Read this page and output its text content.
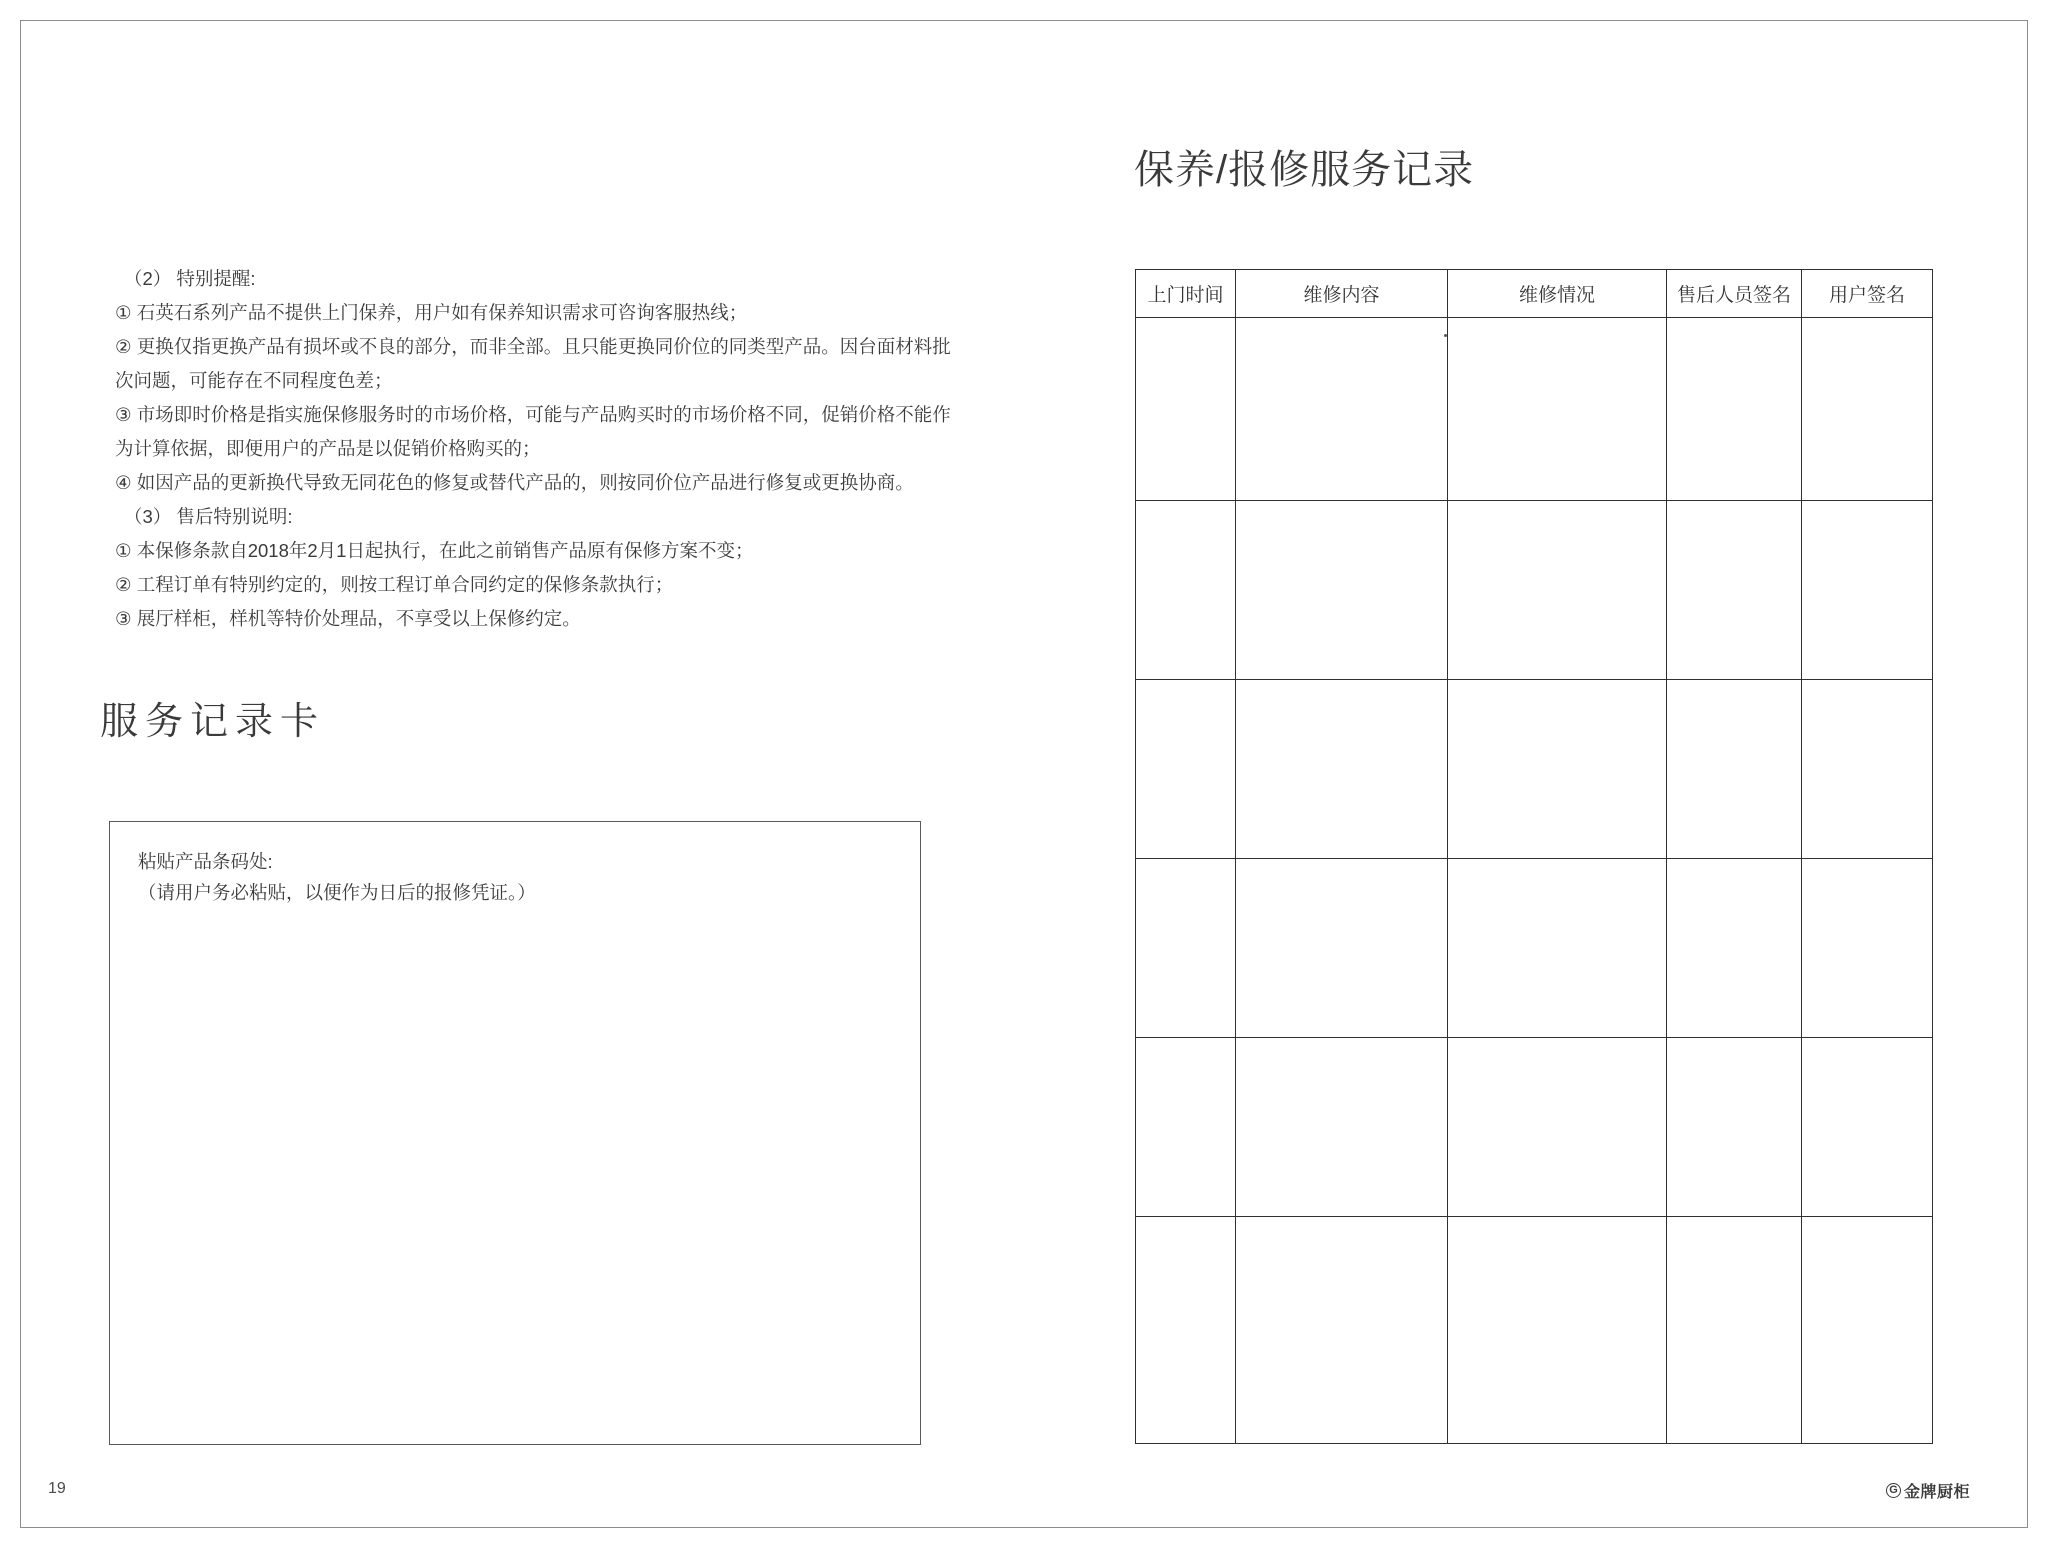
（2） 特别提醒:
① 石英石系列产品不提供上门保养，用户如有保养知识需求可咨询客服热线；
② 更换仅指更换产品有损坏或不良的部分，而非全部。且只能更换同价位的同类型产品。因台面材料批
次问题，可能存在不同程度色差；
③ 市场即时价格是指实施保修服务时的市场价格，可能与产品购买时的市场价格不同，促销价格不能作
为计算依据，即便用户的产品是以促销价格购买的；
④ 如因产品的更新换代导致无同花色的修复或替代产品的，则按同价位产品进行修复或更换协商。
（3） 售后特别说明:
① 本保修条款自2018年2月1日起执行，在此之前销售产品原有保修方案不变；
② 工程订单有特别约定的，则按工程订单合同约定的保修条款执行；
③ 展厅样柜，样机等特价处理品，不享受以上保修约定。
服务记录卡
粘贴产品条码处:
（请用户务必粘贴，以便作为日后的报修凭证。）
19
保养/报修服务记录
上门时间	维修内容	维修情况	售后人员签名	用户签名

G 金牌厨柜
